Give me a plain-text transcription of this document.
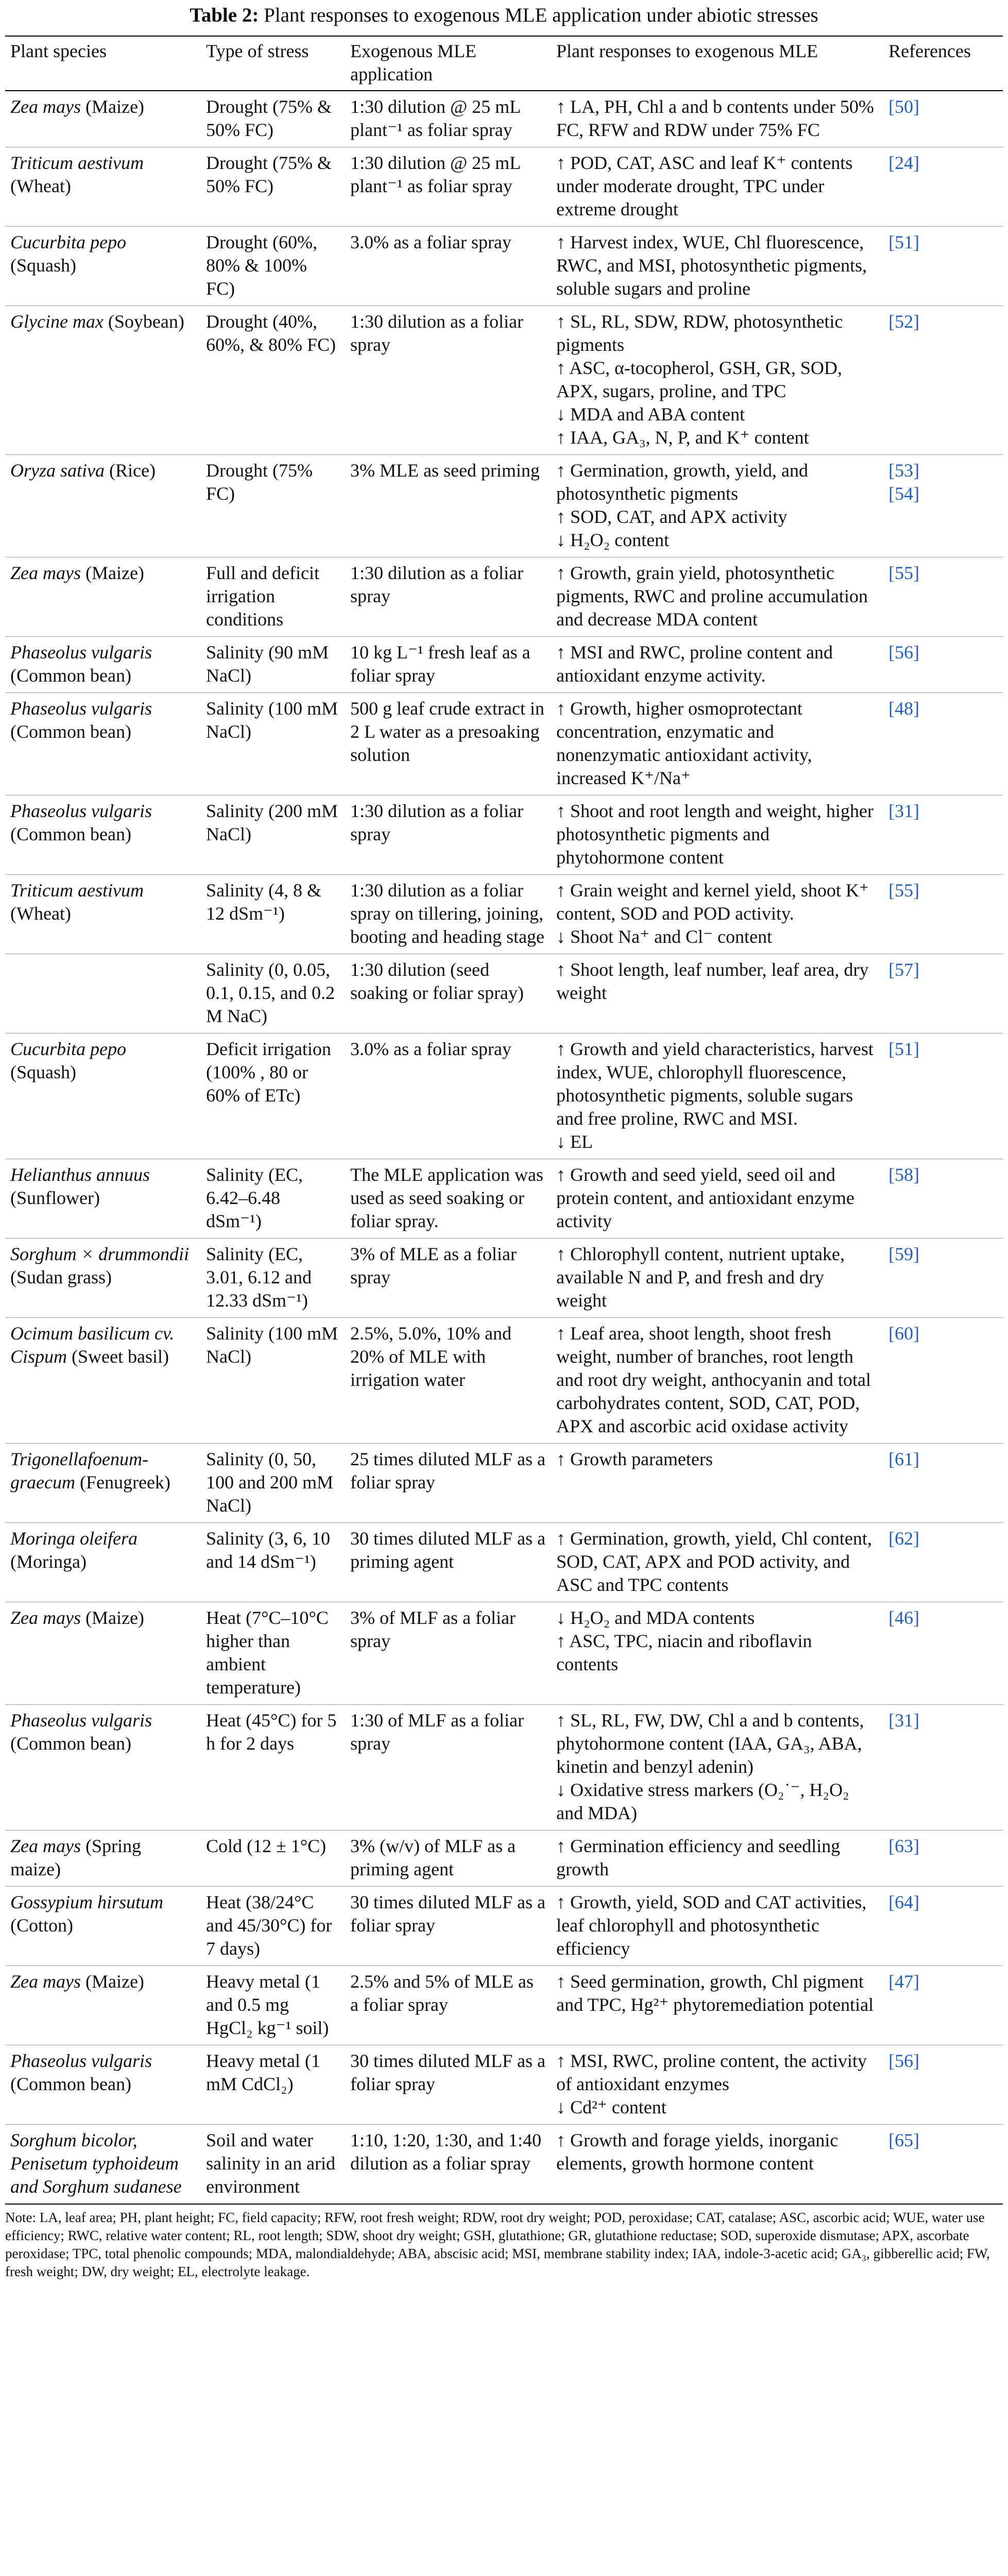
Table 2: Plant responses to exogenous MLE application under abiotic stresses
Plant species	Type of stress	Exogenous MLE application	Plant responses to exogenous MLE	References
Zea mays (Maize)	Drought (75% & 50% FC)	1:30 dilution @ 25 mL plant⁻¹ as foliar spray	↑ LA, PH, Chl a and b contents under 50% FC, RFW and RDW under 75% FC	[50]
Triticum aestivum (Wheat)	Drought (75% & 50% FC)	1:30 dilution @ 25 mL plant⁻¹ as foliar spray	↑ POD, CAT, ASC and leaf K⁺ contents under moderate drought, TPC under extreme drought	[24]
Cucurbita pepo (Squash)	Drought (60%, 80% & 100% FC)	3.0% as a foliar spray	↑ Harvest index, WUE, Chl fluorescence, RWC, and MSI, photosynthetic pigments, soluble sugars and proline	[51]
Glycine max (Soybean)	Drought (40%, 60%, & 80% FC)	1:30 dilution as a foliar spray	↑ SL, RL, SDW, RDW, photosynthetic pigments
↑ ASC, α-tocopherol, GSH, GR, SOD, APX, sugars, proline, and TPC
↓ MDA and ABA content
↑ IAA, GA₃, N, P, and K⁺ content	[52]
Oryza sativa (Rice)	Drought (75% FC)	3% MLE as seed priming	↑ Germination, growth, yield, and photosynthetic pigments
↑ SOD, CAT, and APX activity
↓ H₂O₂ content	[53]
[54]
Zea mays (Maize)	Full and deficit irrigation conditions	1:30 dilution as a foliar spray	↑ Growth, grain yield, photosynthetic pigments, RWC and proline accumulation and decrease MDA content	[55]
Phaseolus vulgaris (Common bean)	Salinity (90 mM NaCl)	10 kg L⁻¹ fresh leaf as a foliar spray	↑ MSI and RWC, proline content and antioxidant enzyme activity.	[56]
Phaseolus vulgaris (Common bean)	Salinity (100 mM NaCl)	500 g leaf crude extract in 2 L water as a presoaking solution	↑ Growth, higher osmoprotectant concentration, enzymatic and nonenzymatic antioxidant activity, increased K⁺/Na⁺	[48]
Phaseolus vulgaris (Common bean)	Salinity (200 mM NaCl)	1:30 dilution as a foliar spray	↑ Shoot and root length and weight, higher photosynthetic pigments and phytohormone content	[31]
Triticum aestivum (Wheat)	Salinity (4, 8 & 12 dSm⁻¹)	1:30 dilution as a foliar spray on tillering, joining, booting and heading stage	↑ Grain weight and kernel yield, shoot K⁺ content, SOD and POD activity.
↓ Shoot Na⁺ and Cl⁻ content	[55]
	Salinity (0, 0.05, 0.1, 0.15, and 0.2 M NaC)	1:30 dilution (seed soaking or foliar spray)	↑ Shoot length, leaf number, leaf area, dry weight	[57]
Cucurbita pepo (Squash)	Deficit irrigation (100% , 80 or 60% of ETc)	3.0% as a foliar spray	↑ Growth and yield characteristics, harvest index, WUE, chlorophyll fluorescence, photosynthetic pigments, soluble sugars and free proline, RWC and MSI.
↓ EL	[51]
Helianthus annuus (Sunflower)	Salinity (EC, 6.42–6.48 dSm⁻¹)	The MLE application was used as seed soaking or foliar spray.	↑ Growth and seed yield, seed oil and protein content, and antioxidant enzyme activity	[58]
Sorghum × drummondii (Sudan grass)	Salinity (EC, 3.01, 6.12 and 12.33 dSm⁻¹)	3% of MLE as a foliar spray	↑ Chlorophyll content, nutrient uptake, available N and P, and fresh and dry weight	[59]
Ocimum basilicum cv. Cispum (Sweet basil)	Salinity (100 mM NaCl)	2.5%, 5.0%, 10% and 20% of MLE with irrigation water	↑ Leaf area, shoot length, shoot fresh weight, number of branches, root length and root dry weight, anthocyanin and total carbohydrates content, SOD, CAT, POD, APX and ascorbic acid oxidase activity	[60]
Trigonellafoenum-graecum (Fenugreek)	Salinity (0, 50, 100 and 200 mM NaCl)	25 times diluted MLF as a foliar spray	↑ Growth parameters	[61]
Moringa oleifera (Moringa)	Salinity (3, 6, 10 and 14 dSm⁻¹)	30 times diluted MLF as a priming agent	↑ Germination, growth, yield, Chl content, SOD, CAT, APX and POD activity, and ASC and TPC contents	[62]
Zea mays (Maize)	Heat (7°C–10°C higher than ambient temperature)	3% of MLF as a foliar spray	↓ H₂O₂ and MDA contents
↑ ASC, TPC, niacin and riboflavin contents	[46]
Phaseolus vulgaris (Common bean)	Heat (45°C) for 5 h for 2 days	1:30 of MLF as a foliar spray	↑ SL, RL, FW, DW, Chl a and b contents, phytohormone content (IAA, GA₃, ABA, kinetin and benzyl adenin)
↓ Oxidative stress markers (O₂˙⁻, H₂O₂ and MDA)	[31]
Zea mays (Spring maize)	Cold (12 ± 1°C)	3% (w/v) of MLF as a priming agent	↑ Germination efficiency and seedling growth	[63]
Gossypium hirsutum (Cotton)	Heat (38/24°C and 45/30°C) for 7 days)	30 times diluted MLF as a foliar spray	↑ Growth, yield, SOD and CAT activities, leaf chlorophyll and photosynthetic efficiency	[64]
Zea mays (Maize)	Heavy metal (1 and 0.5 mg HgCl₂ kg⁻¹ soil)	2.5% and 5% of MLE as a foliar spray	↑ Seed germination, growth, Chl pigment and TPC, Hg²⁺ phytoremediation potential	[47]
Phaseolus vulgaris (Common bean)	Heavy metal (1 mM CdCl₂)	30 times diluted MLF as a foliar spray	↑ MSI, RWC, proline content, the activity of antioxidant enzymes
↓ Cd²⁺ content	[56]
Sorghum bicolor, Penisetum typhoideum and Sorghum sudanese	Soil and water salinity in an arid environment	1:10, 1:20, 1:30, and 1:40 dilution as a foliar spray	↑ Growth and forage yields, inorganic elements, growth hormone content	[65]
Note: LA, leaf area; PH, plant height; FC, field capacity; RFW, root fresh weight; RDW, root dry weight; POD, peroxidase; CAT, catalase; ASC, ascorbic acid; WUE, water use efficiency; RWC, relative water content; RL, root length; SDW, shoot dry weight; GSH, glutathione; GR, glutathione reductase; SOD, superoxide dismutase; APX, ascorbate peroxidase; TPC, total phenolic compounds; MDA, malondialdehyde; ABA, abscisic acid; MSI, membrane stability index; IAA, indole-3-acetic acid; GA₃, gibberellic acid; FW, fresh weight; DW, dry weight; EL, electrolyte leakage.
